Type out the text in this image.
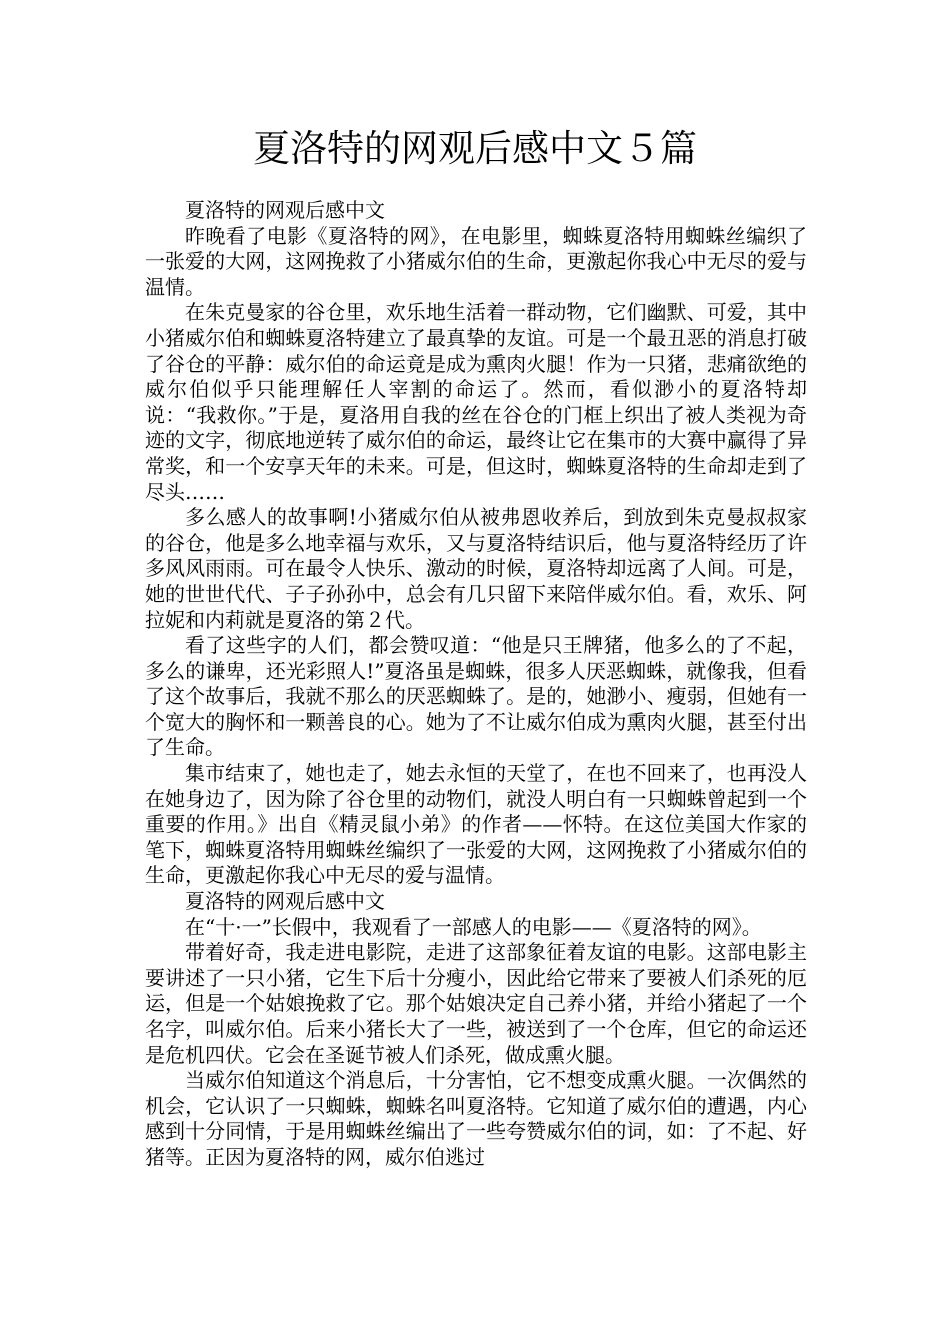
夏洛特的网观后感中文５篇

夏洛特的网观后感中文

昨晚看了电影《夏洛特的网》，在电影里，蜘蛛夏洛特用蜘蛛丝编织了一张爱的大网，这网挽救了小猪威尔伯的生命，更激起你我心中无尽的爱与温情。

在朱克曼家的谷仓里，欢乐地生活着一群动物，它们幽默、可爱，其中小猪威尔伯和蜘蛛夏洛特建立了最真挚的友谊。可是一个最丑恶的消息打破了谷仓的平静：威尔伯的命运竟是成为熏肉火腿！作为一只猪，悲痛欲绝的威尔伯似乎只能理解任人宰割的命运了。然而，看似渺小的夏洛特却说：“我救你。”于是，夏洛用自我的丝在谷仓的门框上织出了被人类视为奇迹的文字，彻底地逆转了威尔伯的命运，最终让它在集市的大赛中赢得了异常奖，和一个安享天年的未来。可是，但这时，蜘蛛夏洛特的生命却走到了尽头……

多么感人的故事啊!小猪威尔伯从被弗恩收养后，到放到朱克曼叔叔家的谷仓，他是多么地幸福与欢乐，又与夏洛特结识后，他与夏洛特经历了许多风风雨雨。可在最令人快乐、激动的时候，夏洛特却远离了人间。可是，她的世世代代、子子孙孙中，总会有几只留下来陪伴威尔伯。看，欢乐、阿拉妮和内莉就是夏洛的第２代。

看了这些字的人们，都会赞叹道：“他是只王牌猪，他多么的了不起，多么的谦卑，还光彩照人!”夏洛虽是蜘蛛，很多人厌恶蜘蛛，就像我，但看了这个故事后，我就不那么的厌恶蜘蛛了。是的，她渺小、瘦弱，但她有一个宽大的胸怀和一颗善良的心。她为了不让威尔伯成为熏肉火腿，甚至付出了生命。

集市结束了，她也走了，她去永恒的天堂了，在也不回来了，也再没人在她身边了，因为除了谷仓里的动物们，就没人明白有一只蜘蛛曾起到一个重要的作用。》出自《精灵鼠小弟》的作者——怀特。在这位美国大作家的笔下，蜘蛛夏洛特用蜘蛛丝编织了一张爱的大网，这网挽救了小猪威尔伯的生命，更激起你我心中无尽的爱与温情。

夏洛特的网观后感中文

在“十·一”长假中，我观看了一部感人的电影——《夏洛特的网》。

带着好奇，我走进电影院，走进了这部象征着友谊的电影。这部电影主要讲述了一只小猪，它生下后十分瘦小，因此给它带来了要被人们杀死的厄运，但是一个姑娘挽救了它。那个姑娘决定自己养小猪，并给小猪起了一个名字，叫威尔伯。后来小猪长大了一些，被送到了一个仓库，但它的命运还是危机四伏。它会在圣诞节被人们杀死，做成熏火腿。

当威尔伯知道这个消息后，十分害怕，它不想变成熏火腿。一次偶然的机会，它认识了一只蜘蛛，蜘蛛名叫夏洛特。它知道了威尔伯的遭遇，内心感到十分同情，于是用蜘蛛丝编出了一些夸赞威尔伯的词，如：了不起、好猪等。正因为夏洛特的网，威尔伯逃过
